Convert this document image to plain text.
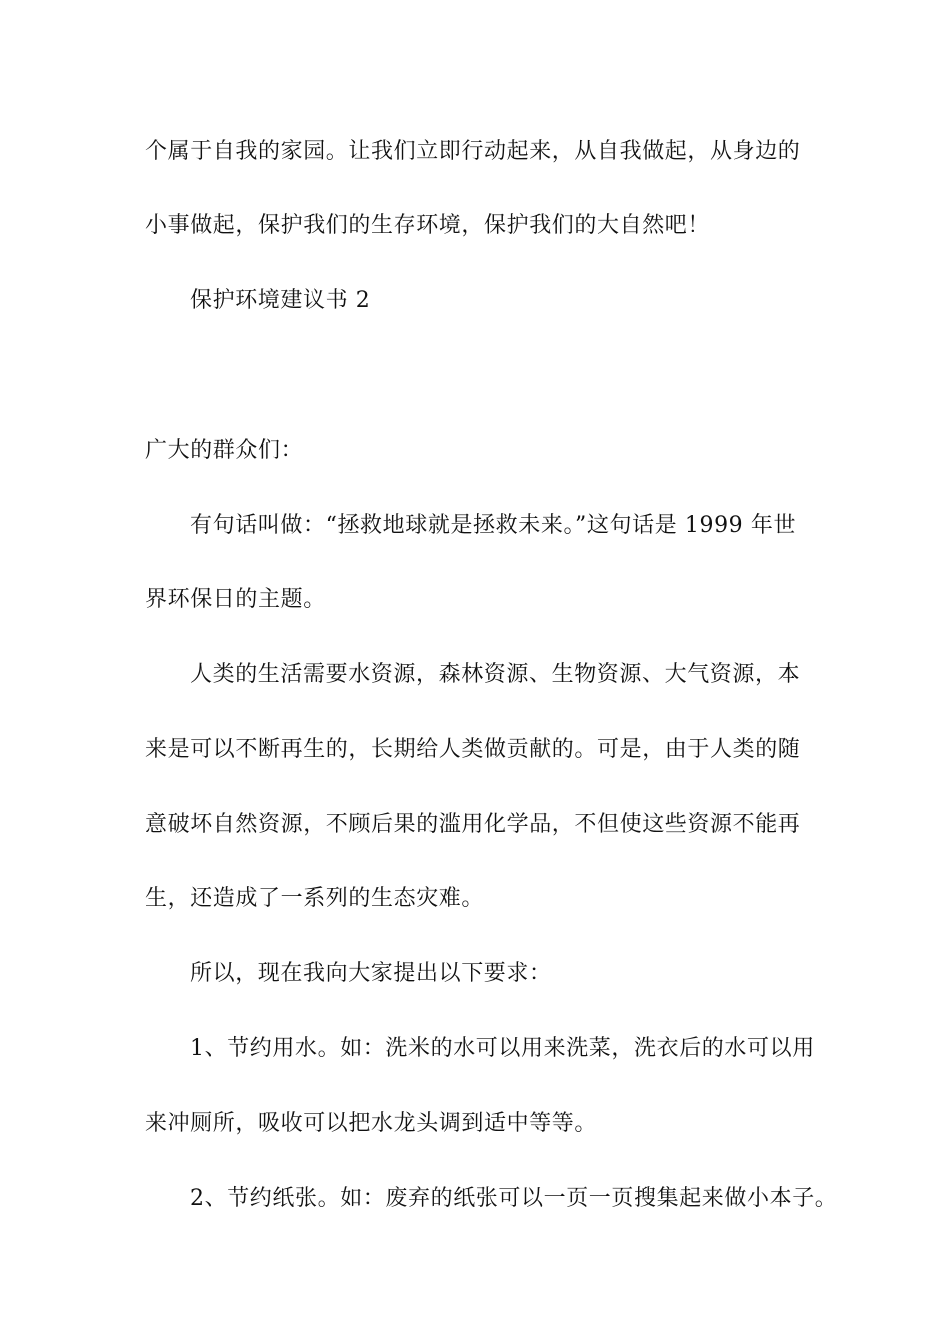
个属于自我的家园。让我们立即行动起来，从自我做起，从身边的

小事做起，保护我们的生存环境，保护我们的大自然吧！

保护环境建议书 2

广大的群众们：

有句话叫做：“拯救地球就是拯救未来。”这句话是 1999 年世

界环保日的主题。

人类的生活需要水资源，森林资源、生物资源、大气资源，本

来是可以不断再生的，长期给人类做贡献的。可是，由于人类的随

意破坏自然资源，不顾后果的滥用化学品，不但使这些资源不能再

生，还造成了一系列的生态灾难。

所以，现在我向大家提出以下要求：

1、节约用水。如：洗米的水可以用来洗菜，洗衣后的水可以用

来冲厕所，吸收可以把水龙头调到适中等等。

2、节约纸张。如：废弃的纸张可以一页一页搜集起来做小本子。
